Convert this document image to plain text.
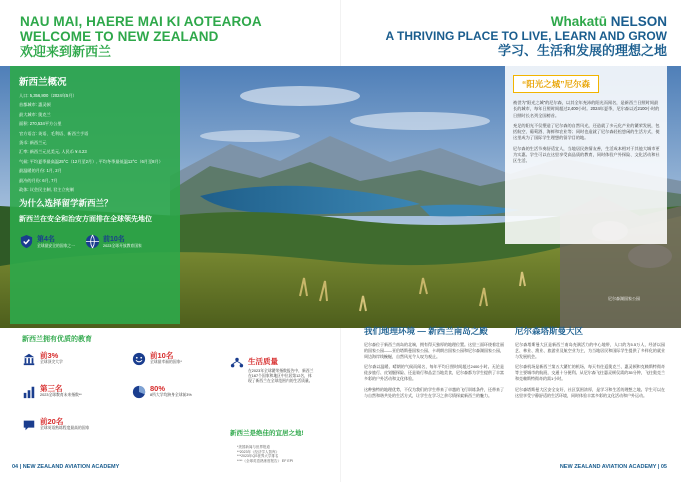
NAU MAI, HAERE MAI KI AOTEAROA
WELCOME TO NEW ZEALAND
欢迎来到新西兰
Whakatū NELSON
A THRIVING PLACE TO LIVE, LEARN AND GROW
学习、生活和发展的理想之地
新西兰概况
人口: 5,356,800（2024年5月）
首都城市: 惠灵顿
最大城市: 奥克兰
面积: 270,534平方公里
官方语言: 英语、毛利语、新西兰手语
货币: 新西兰元
汇率: 新西兰元兑美元, 人民币 ¥ 4.23
气候: 平均夏季最高温25°C（12月至2月）, 平均冬季最低温12°C（6月至8月）
最温暖的月份: 1月, 2月
最冷的月份: 6月, 7月
政体: 议会民主制, 君主立宪制
为什么选择留学新西兰？
新西兰在安全和治安方面排在全球领先地位
第4名
全球最安全的国家之一
前10名
2023全球开放教育国家
“阳光之城”尼尔森
被誉为“阳光之城”的尼尔森，以其全年充沛的阳光而闻名，是新西兰日照时间最长的城市，每年日照时间超过2,400小时。2024年夏季，尼尔森以近2100小时的日照时长名列全国榜首。
充足的阳光不仅塑造了尼尔森的自然风光，还造就了多元化产业的繁荣发展，包括航空、葡萄酒、海鲜和农业等；同时也造就了尼尔森轻松悠闲的生活方式，使这里成为了国际学生理想的留学目的地。
尼尔森的生活节奏舒适宜人，当地居民热情友善，生活成本相对于其他大城市更为实惠。学生可以在这里享受高品质的教育，同时体验户外探险、文化活动和社区生活。
尼尔森湖国家公园
新西兰拥有优质的教育
前3%
全球顶尖大学
前10名
全球最幸福的国家*
第三名
2023全球教育未来指数**
80%
8所大学均跻身全球前3%
前20名
全球英语熟练程度最高的国家
生活质量
在2023年全球繁荣指数报告中，新西兰在167个国家和地区中位居第12名，体现了新西兰在全球范围内的生活质量。
新西兰是绝佳的宜居之地!
*美国新闻与世界报道
**2023年《经济学人智库》
***2023年QS世界大学排名
****《全球英语熟练度报告》 EF EPI
我们地理环境 — 新西兰南岛之殿
尼尔森位于新西兰南岛的北端，拥有得天独厚的地理位置。这里三面环绕着壮丽的国家公园——亚伯塔斯曼国家公园、卡胡朗吉国家公园和尼尔森湖国家公园，周边海岸线蜿蜒，自然风光令人叹为观止。
尼尔森以温暖、晴朗的气候而闻名，每年平均日照时间超过2400小时。无论是徒步旅行、皮划艇探险、还是骑行和品尝当地美食，尼尔森都为学生提供了丰富多彩的户外活动和文化体验。
这种独特的地理优势，不仅为我们的学生带来了卓越的飞行训练条件，还带来了与自然和谐共处的生活方式，让学生在学习之余尽情探索新西兰的魅力。
尼尔森塔斯曼大区
尼尔森塔斯曼大区是新西兰南岛充满活力的中心地带，人口约为5.5万人，经济以园艺、林业、渔业、旅游业及航空业为主，为当地居民和国际学生提供了多样化的就业与发展机会。
尼尔森机场是新西兰第五大繁忙的机场，每天有往返奥克兰、惠灵顿和克赖斯特彻奇等主要城市的航班，交通十分便利。从尼尔森飞往惠灵顿仅需约35分钟，飞往奥克兰和克赖斯特彻奇约需1小时。
尼尔森塔斯曼大区安全友好，社区氛围浓厚，是学习和生活的理想之地。学生可以在这里享受宁静舒适的生活环境，同时体验丰富多彩的文化活动和户外运动。
04 | NEW ZEALAND AVIATION ACADEMY	NEW ZEALAND AVIATION ACADEMY | 05
